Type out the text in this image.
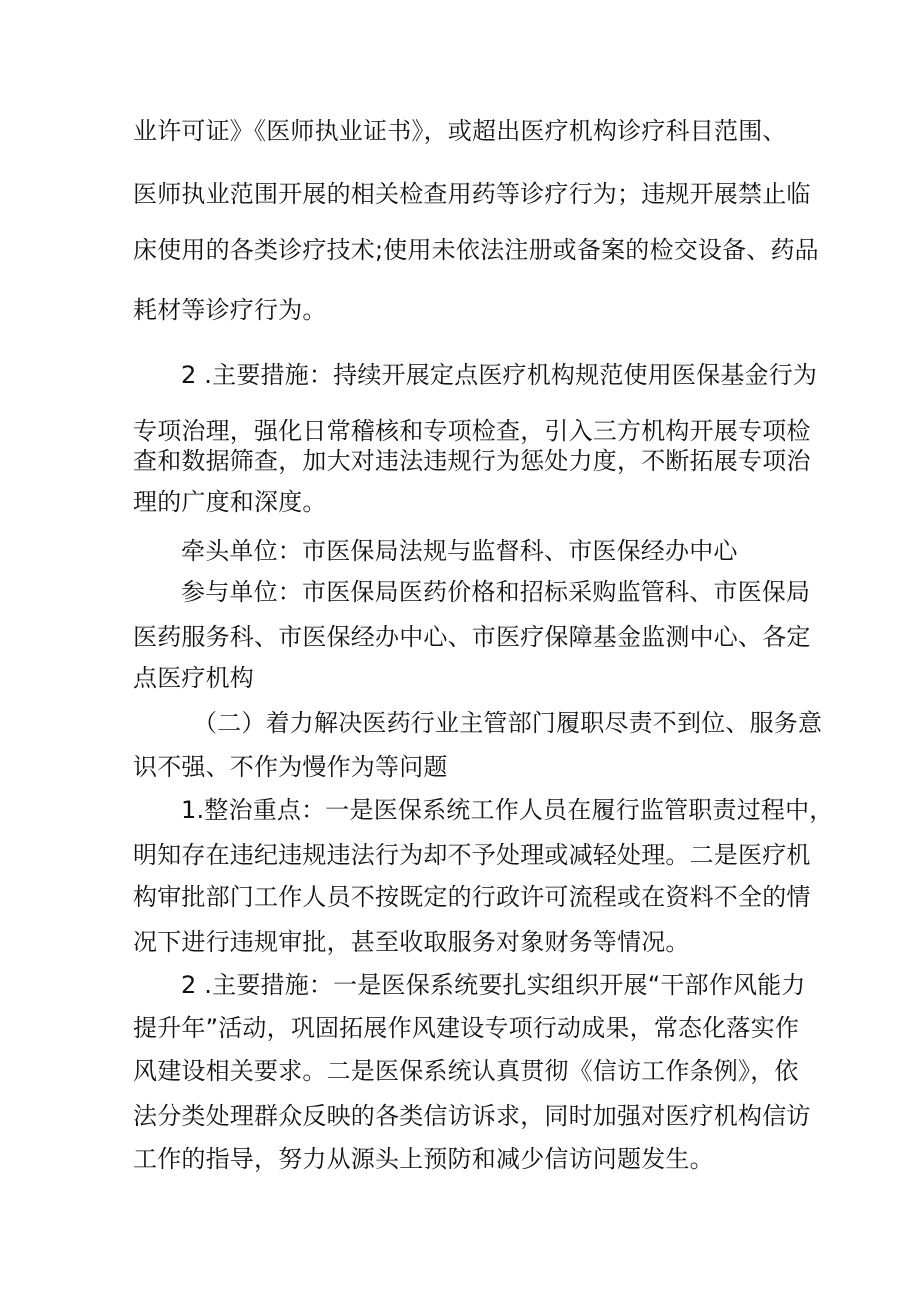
业许可证》《医师执业证书》，或超出医疗机构诊疗科目范围、
医师执业范围开展的相关检查用药等诊疗行为；违规开展禁止临
床使用的各类诊疗技术;使用未依法注册或备案的检交设备、药品
耗材等诊疗行为。
2 .主要措施：持续开展定点医疗机构规范使用医保基金行为
专项治理，强化日常稽核和专项检查，引入三方机构开展专项检
查和数据筛查，加大对违法违规行为惩处力度，不断拓展专项治
理的广度和深度。
牵头单位：市医保局法规与监督科、市医保经办中心
参与单位：市医保局医药价格和招标采购监管科、市医保局
医药服务科、市医保经办中心、市医疗保障基金监测中心、各定
点医疗机构
（二）着力解决医药行业主管部门履职尽责不到位、服务意
识不强、不作为慢作为等问题
1.整治重点：一是医保系统工作人员在履行监管职责过程中，
明知存在违纪违规违法行为却不予处理或减轻处理。二是医疗机
构审批部门工作人员不按既定的行政许可流程或在资料不全的情
况下进行违规审批，甚至收取服务对象财务等情况。
2 .主要措施：一是医保系统要扎实组织开展“干部作风能力
提升年”活动，巩固拓展作风建设专项行动成果，常态化落实作
风建设相关要求。二是医保系统认真贯彻《信访工作条例》，依
法分类处理群众反映的各类信访诉求，同时加强对医疗机构信访
工作的指导，努力从源头上预防和减少信访问题发生。
